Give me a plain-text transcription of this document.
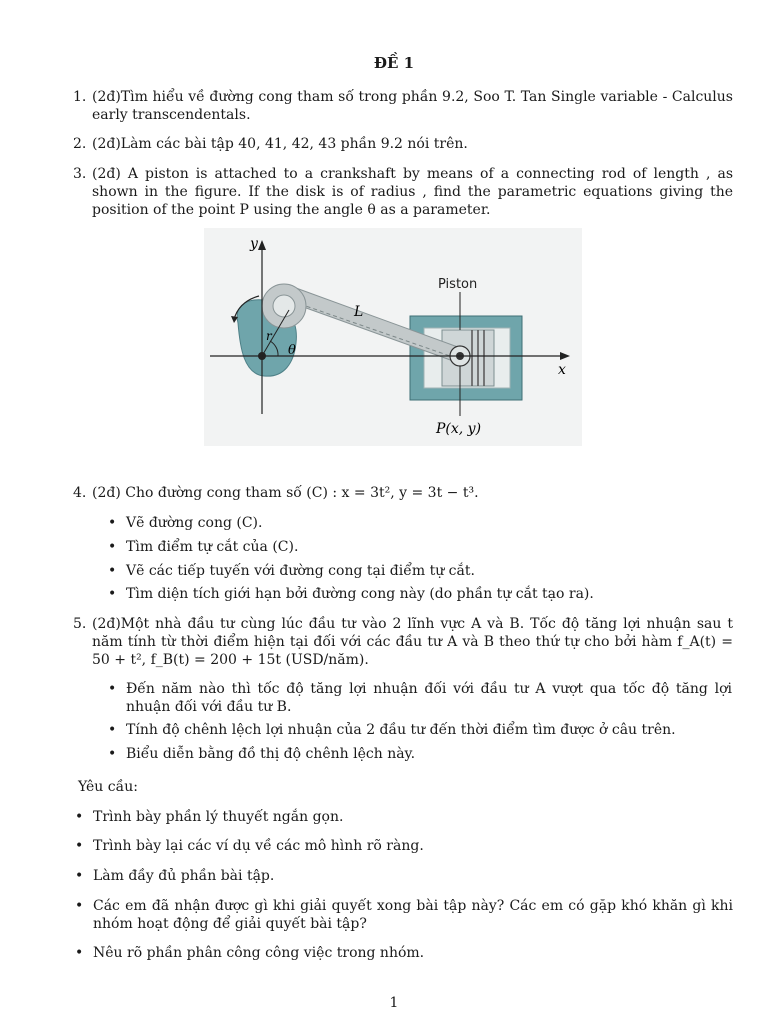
ĐỀ 1
1. (2đ)Tìm hiểu về đường cong tham số trong phần 9.2, Soo T. Tan Single variable - Calculus early transcendentals.
2. (2đ)Làm các bài tập 40, 41, 42, 43 phần 9.2 nói trên.
3. (2đ) A piston is attached to a crankshaft by means of a connecting rod of length , as shown in the figure. If the disk is of radius , find the parametric equations giving the position of the point P using the angle θ as a parameter.
y
x
Piston
L
r
θ
P(x, y)
4. (2đ) Cho đường cong tham số (C) : x = 3t², y = 3t − t³.
• Vẽ đường cong (C).
• Tìm điểm tự cắt của (C).
• Vẽ các tiếp tuyến với đường cong tại điểm tự cắt.
• Tìm diện tích giới hạn bởi đường cong này (do phần tự cắt tạo ra).
5. (2đ)Một nhà đầu tư cùng lúc đầu tư vào 2 lĩnh vực A và B. Tốc độ tăng lợi nhuận sau t năm tính từ thời điểm hiện tại đối với các đầu tư A và B theo thứ tự cho bởi hàm f_A(t) = 50 + t², f_B(t) = 200 + 15t (USD/năm).
• Đến năm nào thì tốc độ tăng lợi nhuận đối với đầu tư A vượt qua tốc độ tăng lợi nhuận đối với đầu tư B.
• Tính độ chênh lệch lợi nhuận của 2 đầu tư đến thời điểm tìm được ở câu trên.
• Biểu diễn bằng đồ thị độ chênh lệch này.
Yêu cầu:
• Trình bày phần lý thuyết ngắn gọn.
• Trình bày lại các ví dụ về các mô hình rõ ràng.
• Làm đầy đủ phần bài tập.
• Các em đã nhận được gì khi giải quyết xong bài tập này? Các em có gặp khó khăn gì khi nhóm hoạt động để giải quyết bài tập?
• Nêu rõ phần phân công công việc trong nhóm.
1
